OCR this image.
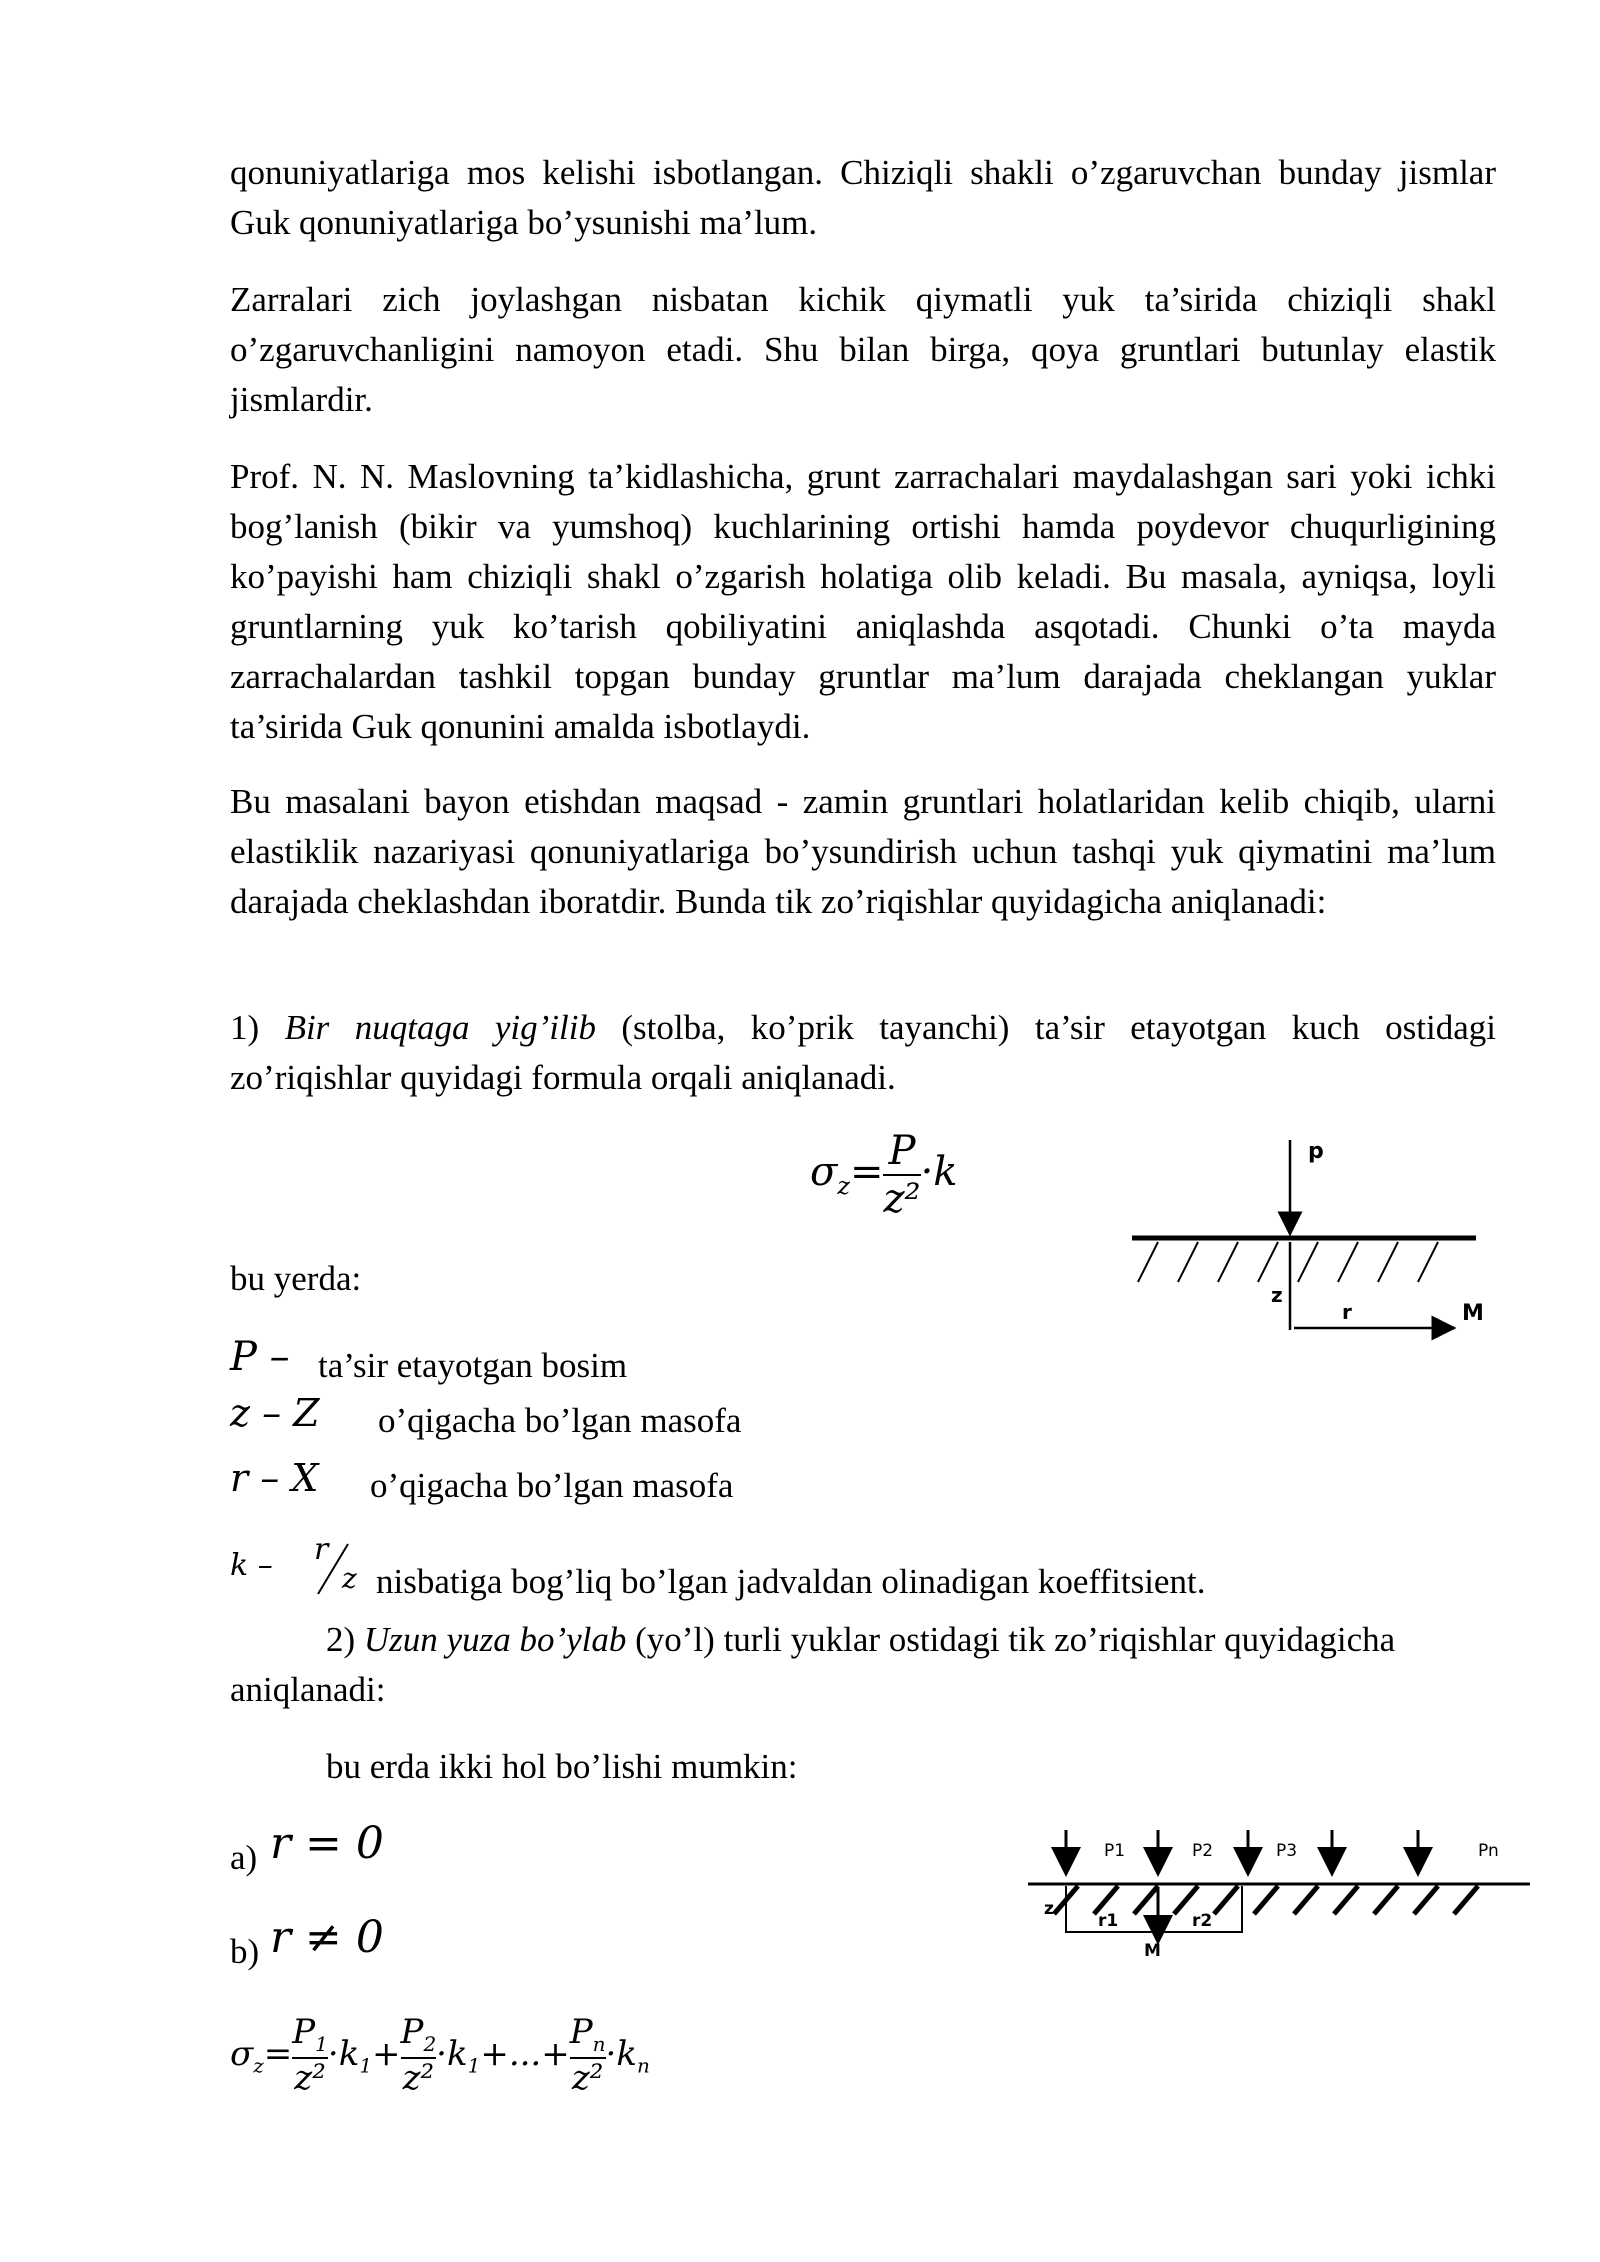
qonuniyatlariga mos kelishi isbotlangan. Chiziqli shakli o’zgaruvchan bunday jismlar Guk qonuniyatlariga bo’ysunishi ma’lum.

Zarralari zich joylashgan nisbatan kichik qiymatli yuk ta’sirida chiziqli shakl o’zgaruvchanligini namoyon etadi. Shu bilan birga, qoya gruntlari butunlay elastik jismlardir.

Prof. N. N. Maslovning ta’kidlashicha, grunt zarrachalari maydalashgan sari yoki ichki bog’lanish (bikir va yumshoq) kuchlarining ortishi hamda poydevor chuqurligining ko’payishi ham chiziqli shakl o’zgarish holatiga olib keladi. Bu masala, ayniqsa, loyli gruntlarning yuk ko’tarish qobiliyatini aniqlashda asqotadi. Chunki o’ta mayda zarrachalardan tashkil topgan bunday gruntlar ma’lum darajada cheklangan yuklar ta’sirida Guk qonunini amalda isbotlaydi.

Bu masalani bayon etishdan maqsad - zamin gruntlari holatlaridan kelib chiqib, ularni elastiklik nazariyasi qonuniyatlariga bo’ysundirish uchun tashqi yuk qiymatini ma’lum darajada cheklashdan iboratdir. Bunda tik zo’riqishlar quyidagicha aniqlanadi:

1) Bir nuqtaga yig’ilib (stolba, ko’prik tayanchi) ta’sir etayotgan kuch ostidagi zo’riqishlar quyidagi formula orqali aniqlanadi.

$\sigma_z= \frac{P}{\text{z²}} \cdot k$	p
z
r	M

bu yerda:

P – ta’sir etayotgan bosim
z – Z o’qigacha bo’lgan masofa
r – X o’qigacha bo’lgan masofa
k – r
z nisbatiga bog’liq bo’lgan jadvaldan olinadigan koeffitsient.

2) Uzun yuza bo’ylab (yo’l) turli yuklar ostidagi tik zo’riqishlar quyidagicha

aniqlanadi:

bu erda ikki hol bo’lishi mumkin:

a) r = 0
b) r ≠ 0
P1	P2	P3	Pn
z
r1	r2
M
$\sigma_z= \frac{P_1}{\text{z²}} \cdot k_1+ \frac{P_2}{\text{z²}} \cdot k_1+...+ \frac{P_n}{\text{z²}} \cdot k_n$
